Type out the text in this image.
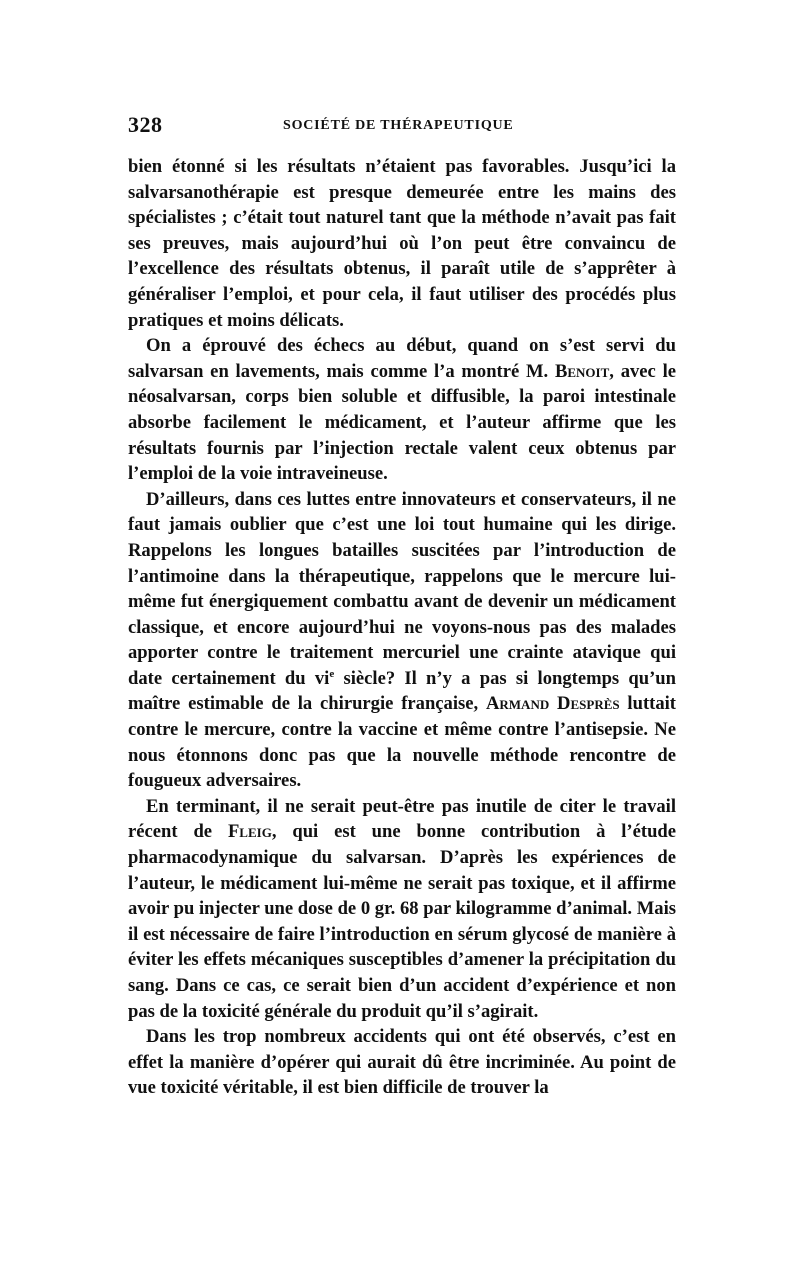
328	SOCIÉTÉ DE THÉRAPEUTIQUE

bien étonné si les résultats n’étaient pas favorables. Jusqu’ici la salvarsanothérapie est presque demeurée entre les mains des spécialistes ; c’était tout naturel tant que la méthode n’avait pas fait ses preuves, mais aujourd’hui où l’on peut être convaincu de l’excellence des résultats obtenus, il paraît utile de s’apprêter à généraliser l’emploi, et pour cela, il faut utiliser des procédés plus pratiques et moins délicats.

On a éprouvé des échecs au début, quand on s’est servi du salvarsan en lavements, mais comme l’a montré M. Benoit, avec le néosalvarsan, corps bien soluble et diffusible, la paroi intestinale absorbe facilement le médicament, et l’auteur affirme que les résultats fournis par l’injection rectale valent ceux obtenus par l’emploi de la voie intraveineuse.

D’ailleurs, dans ces luttes entre innovateurs et conservateurs, il ne faut jamais oublier que c’est une loi tout humaine qui les dirige. Rappelons les longues batailles suscitées par l’introduction de l’antimoine dans la thérapeutique, rappelons que le mercure lui-même fut énergiquement combattu avant de devenir un médicament classique, et encore aujourd’hui ne voyons-nous pas des malades apporter contre le traitement mercuriel une crainte atavique qui date certainement du $vi^e$ siècle? Il n’y a pas si longtemps qu’un maître estimable de la chirurgie française, Armand Desprès luttait contre le mercure, contre la vaccine et même contre l’antisepsie. Ne nous étonnons donc pas que la nouvelle méthode rencontre de fougueux adversaires.

En terminant, il ne serait peut-être pas inutile de citer le travail récent de Fleig, qui est une bonne contribution à l’étude pharmacodynamique du salvarsan. D’après les expériences de l’auteur, le médicament lui-même ne serait pas toxique, et il affirme avoir pu injecter une dose de 0 gr. 68 par kilogramme d’animal. Mais il est nécessaire de faire l’introduction en sérum glycosé de manière à éviter les effets mécaniques susceptibles d’amener la précipitation du sang. Dans ce cas, ce serait bien d’un accident d’expérience et non pas de la toxicité générale du produit qu’il s’agirait.

Dans les trop nombreux accidents qui ont été observés, c’est en effet la manière d’opérer qui aurait dû être incriminée. Au point de vue toxicité véritable, il est bien difficile de trouver la
